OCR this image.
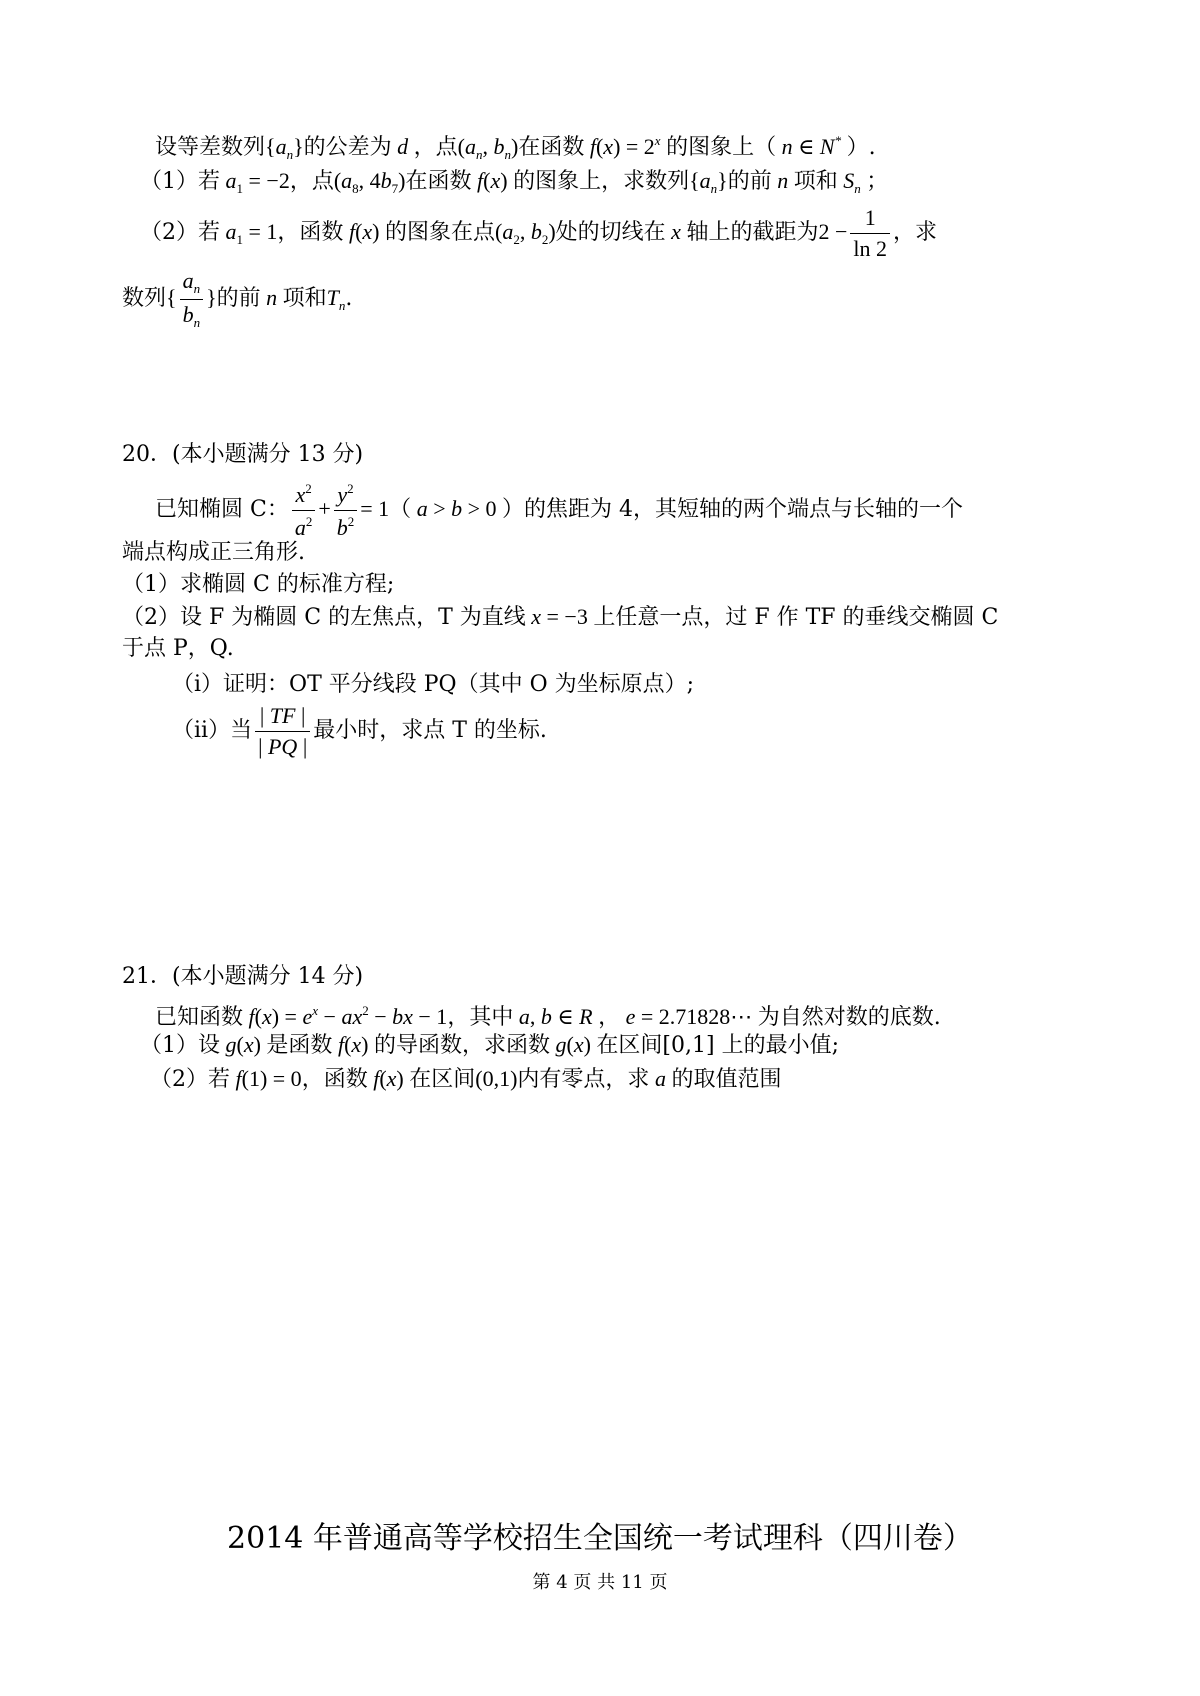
设等差数列$\{a_n\}$的公差为 d ，点($a_n$, $b_n$)在函数 $f(x) = 2^x$ 的图象上（ n ∈ N* ）.
（1）若 $a_1 = -2$，点($a_8$, $4b_7$)在函数 f(x) 的图象上，求数列$\{a_n\}$的前 n 项和 $S_n$ ；
（2）若 $a_1 = 1$，函数 f(x) 的图象在点($a_2$, $b_2$)处的切线在 x 轴上的截距为$2 - \frac{1}{\ln 2}$ ，求
数列{ $\frac{a_n}{b_n}$ }的前 n 项和$T_n$.
20．(本小题满分 13 分)
已知椭圆 C： $\frac{x^2}{a^2} + \frac{y^2}{b^2} = 1$（ a > b > 0 ）的焦距为 4，其短轴的两个端点与长轴的一个
端点构成正三角形.
（1）求椭圆 C 的标准方程;
（2）设 F 为椭圆 C 的左焦点，T 为直线 x = −3 上任意一点，过 F 作 TF 的垂线交椭圆 C
于点 P，Q.
（i）证明：OT 平分线段 PQ（其中 O 为坐标原点）;
（ii）当 $\frac{| TF |}{| PQ |}$ 最小时，求点 T 的坐标.
21．(本小题满分 14 分)
已知函数 $f(x) = e^x - ax^2$ − bx − 1，其中 a, b ∈ R ， e = 2.71828⋯ 为自然对数的底数.
（1）设 g(x) 是函数 f(x) 的导函数，求函数 g(x) 在区间[0,1] 上的最小值;
（2）若 f(1) = 0，函数 f(x) 在区间(0,1)内有零点，求 a 的取值范围
2014 年普通高等学校招生全国统一考试理科（四川卷）
第 4 页 共 11 页
